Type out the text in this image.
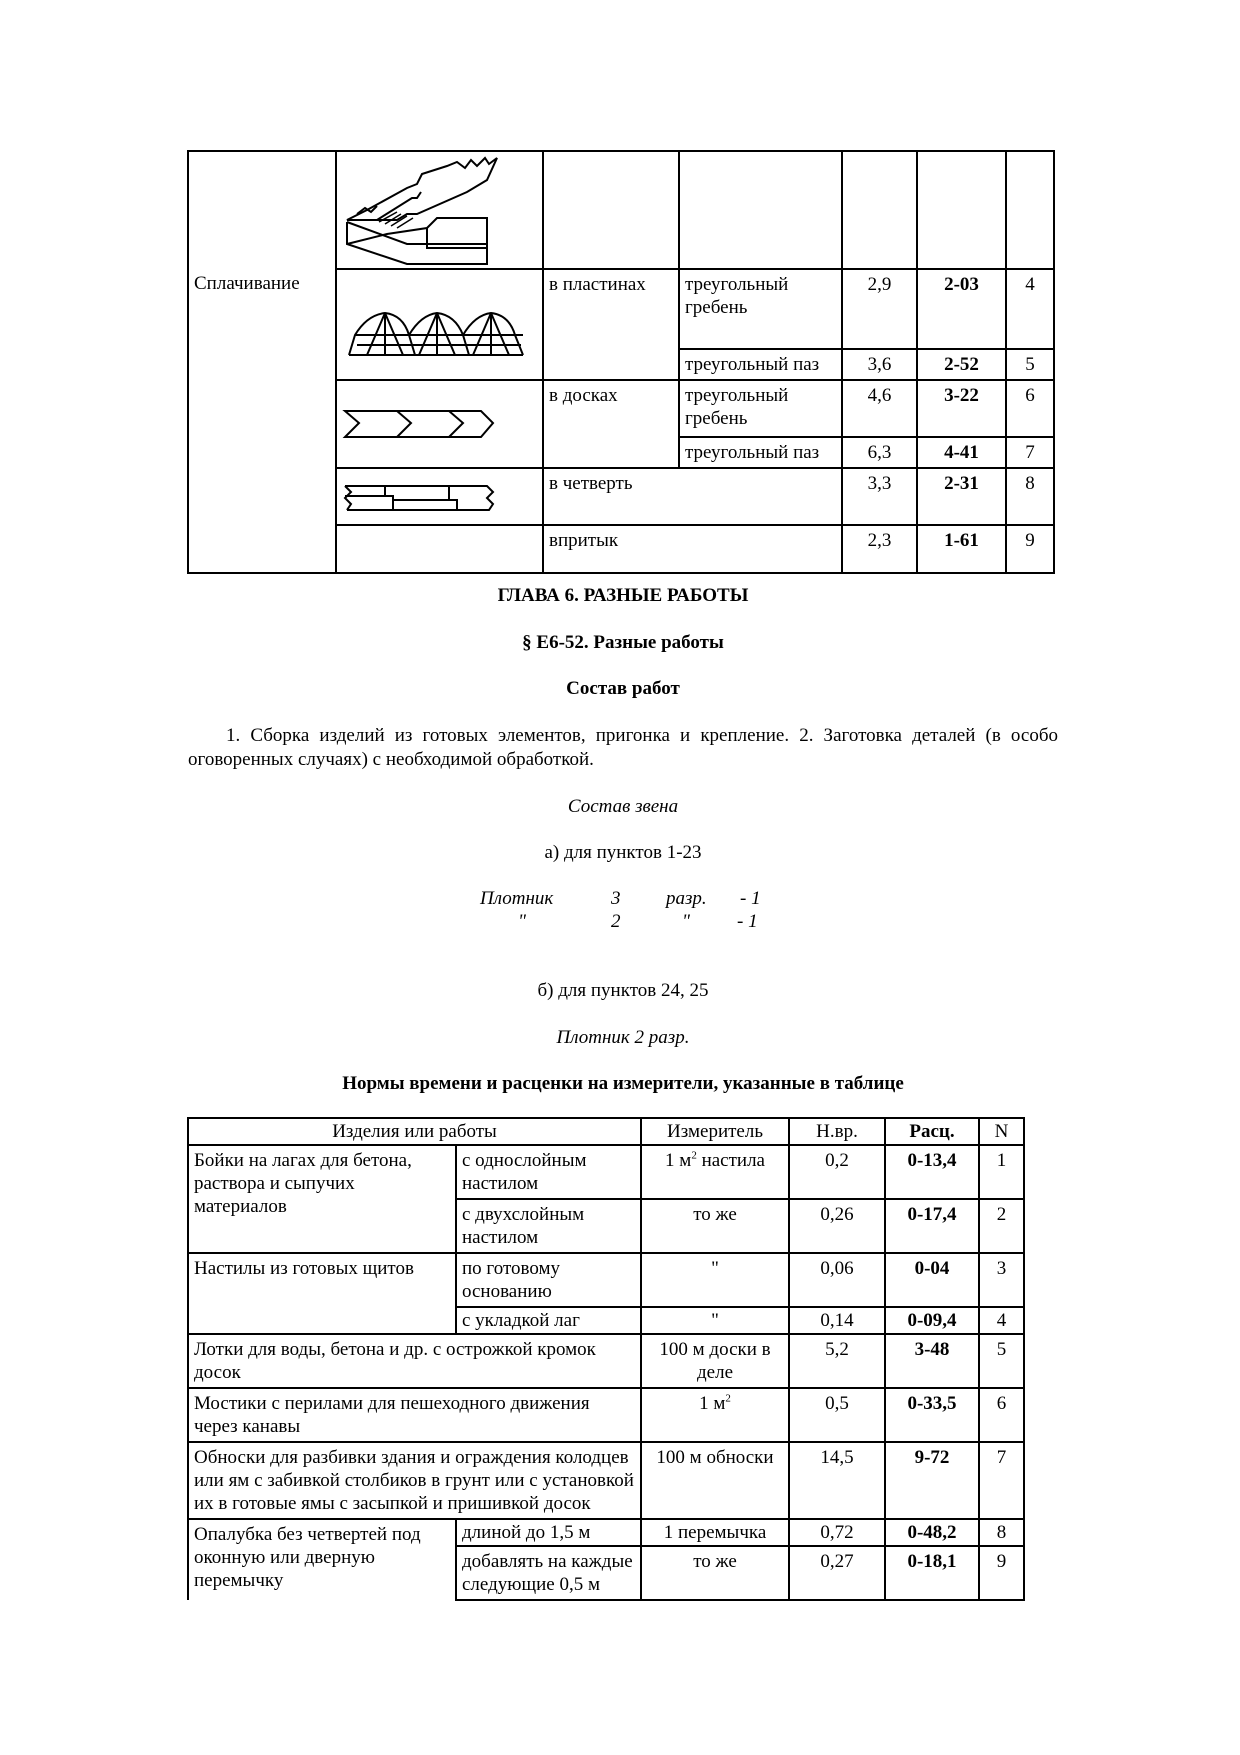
Сплачивание		в пластинах	треугольный гребень	2,9	2-03	4
			треугольный паз	3,6	2-52	5

	в досках	треугольный гребень	4,6	3-22	6
			треугольный паз	6,3	4-41	7

	в четверть		3,3	2-31	8
		впритык		2,3	1-61	9
ГЛАВА 6. РАЗНЫЕ РАБОТЫ
§ Е6-52. Разные работы
Состав работ
1. Сборка изделий из готовых элементов, пригонка и крепление. 2. Заготовка деталей (в особо оговоренных случаях) с необходимой обработкой.
Состав звена
а) для пунктов 1-23
Плотник	3 разр. - 1
"	2	" - 1
б) для пунктов 24, 25
Плотник 2 разр.
Нормы времени и расценки на измерители, указанные в таблице
Изделия или работы		Измеритель	Н.вр.	Расц.	N
Бойки на лагах для бетона, раствора и сыпучих материалов	с однослойным настилом	1 $м^2$ настила	0,2	0-13,4	1
	с двухслойным настилом	то же	0,26	0-17,4	2
Настилы из готовых щитов	по готовому основанию	"	0,06	0-04	3
	с укладкой лаг	"	0,14	0-09,4	4
Лотки для воды, бетона и др. с острожкой кромок досок		100 м доски в деле	5,2	3-48	5
Мостики с перилами для пешеходного движения через канавы		1 $м^2$	0,5	0-33,5	6
Обноски для разбивки здания и ограждения колодцев или ям с забивкой столбиков в грунт или с установкой их в готовые ямы с засыпкой и пришивкой досок		100 м обноски	14,5	9-72	7
Опалубка без четвертей под оконную или дверную перемычку	длиной до 1,5 м	1 перемычка	0,72	0-48,2	8
	добавлять на каждые следующие 0,5 м	то же	0,27	0-18,1	9
